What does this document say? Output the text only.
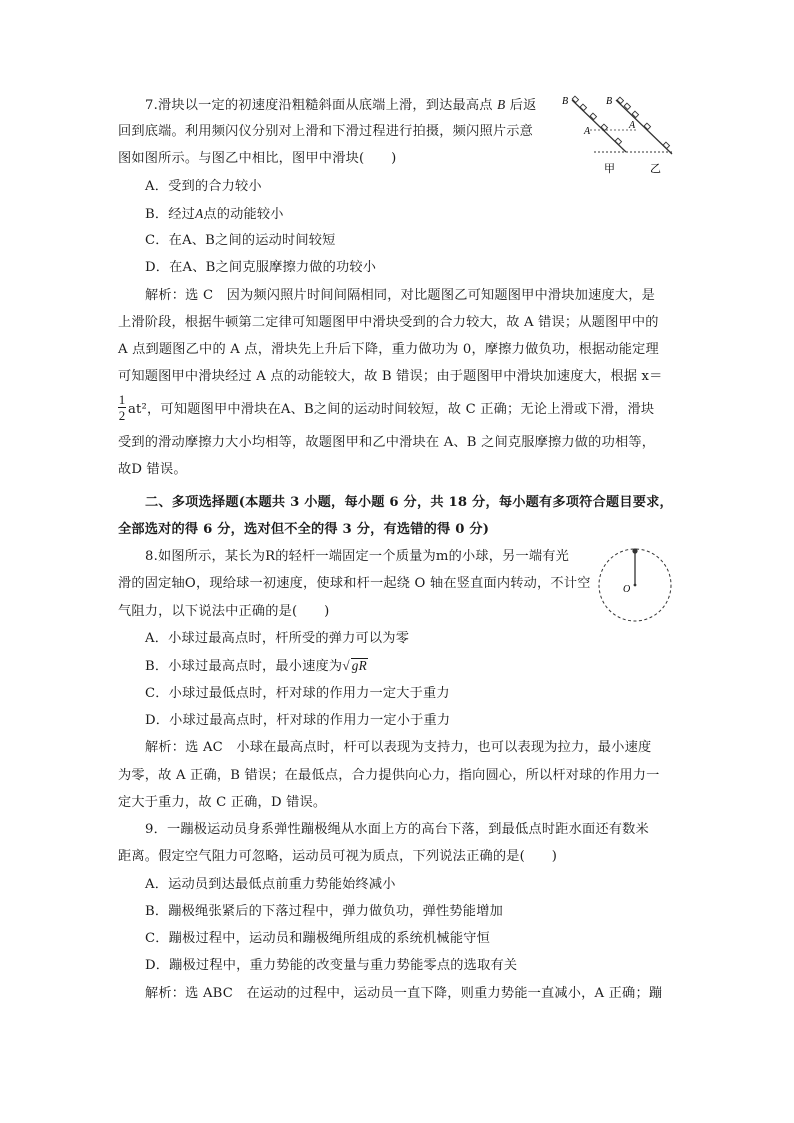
7.滑块以一定的初速度沿粗糙斜面从底端上滑，到达最高点 B 后返
回到底端。利用频闪仪分别对上滑和下滑过程进行拍摄，频闪照片示意
图如图所示。与图乙中相比，图甲中滑块(　　)
A．受到的合力较小
B．经过A点的动能较小
C．在A、B之间的运动时间较短
D．在A、B之间克服摩擦力做的功较小
B
A
B
A
甲	乙
解析：选 C　因为频闪照片时间间隔相同，对比题图乙可知题图甲中滑块加速度大，是
上滑阶段，根据牛顿第二定律可知题图甲中滑块受到的合力较大，故 A 错误；从题图甲中的
A 点到题图乙中的 A 点，滑块先上升后下降，重力做功为 0，摩擦力做负功，根据动能定理
可知题图甲中滑块经过 A 点的动能较大，故 B 错误；由于题图甲中滑块加速度大，根据 x＝
1
2 at²，可知题图甲中滑块在A、B之间的运动时间较短，故 C 正确；无论上滑或下滑，滑块
受到的滑动摩擦力大小均相等，故题图甲和乙中滑块在 A、B 之间克服摩擦力做的功相等，
故D 错误。
二、多项选择题(本题共 3 小题，每小题 6 分，共 18 分，每小题有多项符合题目要求，
全部选对的得 6 分，选对但不全的得 3 分，有选错的得 0 分)
8.如图所示，某长为R的轻杆一端固定一个质量为m的小球，另一端有光
滑的固定轴O，现给球一初速度，使球和杆一起绕 O 轴在竖直面内转动，不计空
气阻力，以下说法中正确的是(　　)
A．小球过最高点时，杆所受的弹力可以为零
B．小球过最高点时，最小速度为√ gR
C．小球过最低点时，杆对球的作用力一定大于重力
D．小球过最高点时，杆对球的作用力一定小于重力
O
解析：选 AC　小球在最高点时，杆可以表现为支持力，也可以表现为拉力，最小速度
为零，故 A 正确，B 错误；在最低点，合力提供向心力，指向圆心，所以杆对球的作用力一
定大于重力，故 C 正确，D 错误。
9．一蹦极运动员身系弹性蹦极绳从水面上方的高台下落，到最低点时距水面还有数米
距离。假定空气阻力可忽略，运动员可视为质点，下列说法正确的是(　　)
A．运动员到达最低点前重力势能始终减小
B．蹦极绳张紧后的下落过程中，弹力做负功，弹性势能增加
C．蹦极过程中，运动员和蹦极绳所组成的系统机械能守恒
D．蹦极过程中，重力势能的改变量与重力势能零点的选取有关
解析：选 ABC　在运动的过程中，运动员一直下降，则重力势能一直减小，A 正确；蹦
